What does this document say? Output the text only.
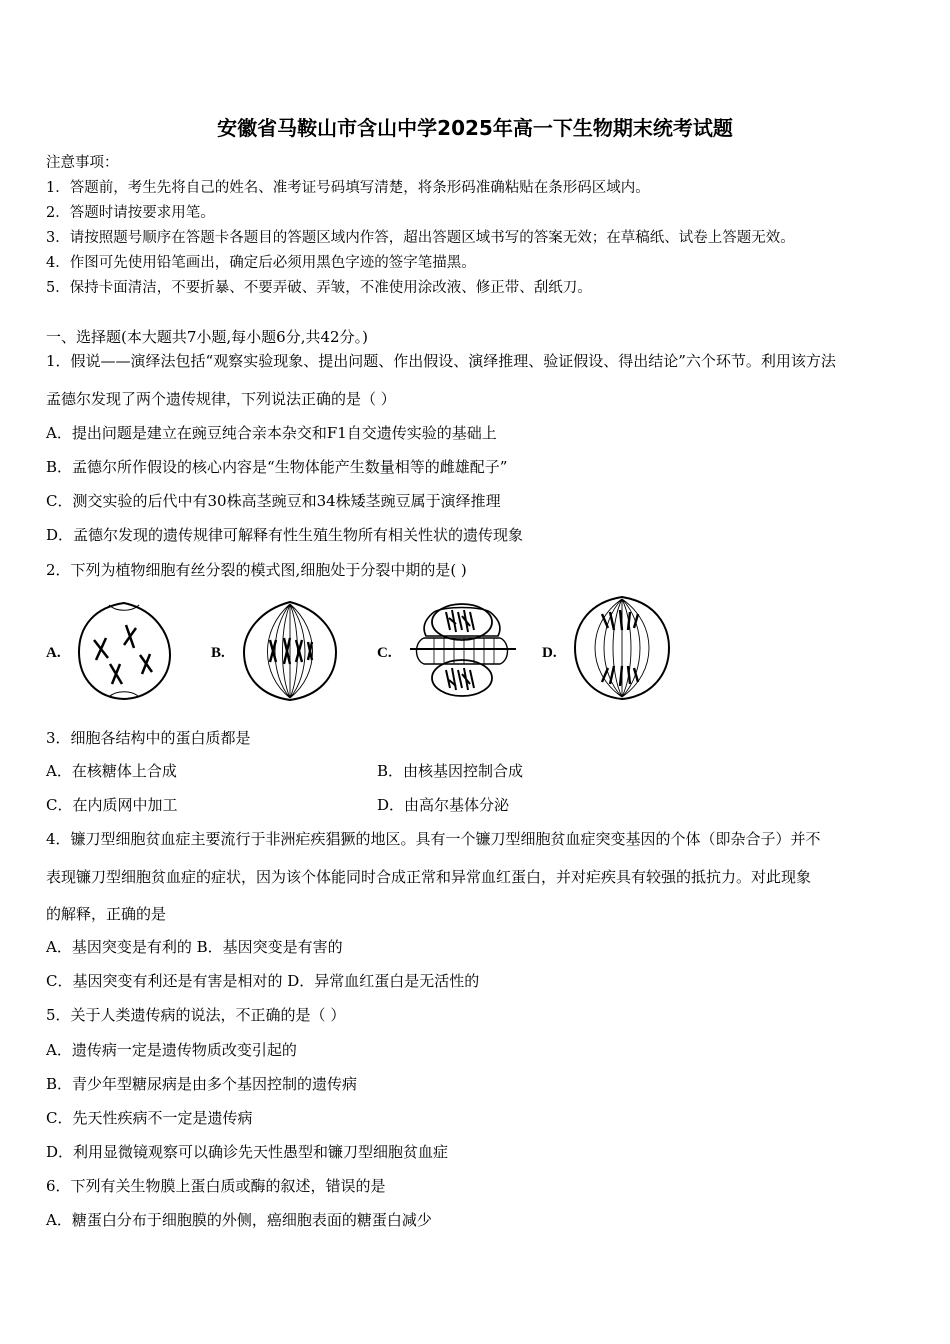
安徽省马鞍山市含山中学2025年高一下生物期末统考试题
注意事项：
1．答题前，考生先将自己的姓名、准考证号码填写清楚，将条形码准确粘贴在条形码区域内。
2．答题时请按要求用笔。
3．请按照题号顺序在答题卡各题目的答题区域内作答，超出答题区域书写的答案无效；在草稿纸、试卷上答题无效。
4．作图可先使用铅笔画出，确定后必须用黑色字迹的签字笔描黑。
5．保持卡面清洁，不要折暴、不要弄破、弄皱，不准使用涂改液、修正带、刮纸刀。
一、选择题(本大题共7小题,每小题6分,共42分。)
1．假说——演绎法包括“观察实验现象、提出问题、作出假设、演绎推理、验证假设、得出结论”六个环节。利用该方法
孟德尔发现了两个遗传规律，下列说法正确的是（ ）
A．提出问题是建立在豌豆纯合亲本杂交和F1自交遗传实验的基础上
B．孟德尔所作假设的核心内容是“生物体能产生数量相等的雌雄配子”
C．测交实验的后代中有30株高茎豌豆和34株矮茎豌豆属于演绎推理
D．孟德尔发现的遗传规律可解释有性生殖生物所有相关性状的遗传现象
2．下列为植物细胞有丝分裂的模式图,细胞处于分裂中期的是( )
A.	B.	C.	D.
3．细胞各结构中的蛋白质都是
A．在核糖体上合成	B．由核基因控制合成
C．在内质网中加工	D．由高尔基体分泌
4．镰刀型细胞贫血症主要流行于非洲疟疾猖獗的地区。具有一个镰刀型细胞贫血症突变基因的个体（即杂合子）并不
表现镰刀型细胞贫血症的症状，因为该个体能同时合成正常和异常血红蛋白，并对疟疾具有较强的抵抗力。对此现象
的解释，正确的是
A．基因突变是有利的 B．基因突变是有害的
C．基因突变有利还是有害是相对的 D．异常血红蛋白是无活性的
5．关于人类遗传病的说法，不正确的是（ ）
A．遗传病一定是遗传物质改变引起的
B．青少年型糖尿病是由多个基因控制的遗传病
C．先天性疾病不一定是遗传病
D．利用显微镜观察可以确诊先天性愚型和镰刀型细胞贫血症
6．下列有关生物膜上蛋白质或酶的叙述，错误的是
A．糖蛋白分布于细胞膜的外侧，癌细胞表面的糖蛋白减少
